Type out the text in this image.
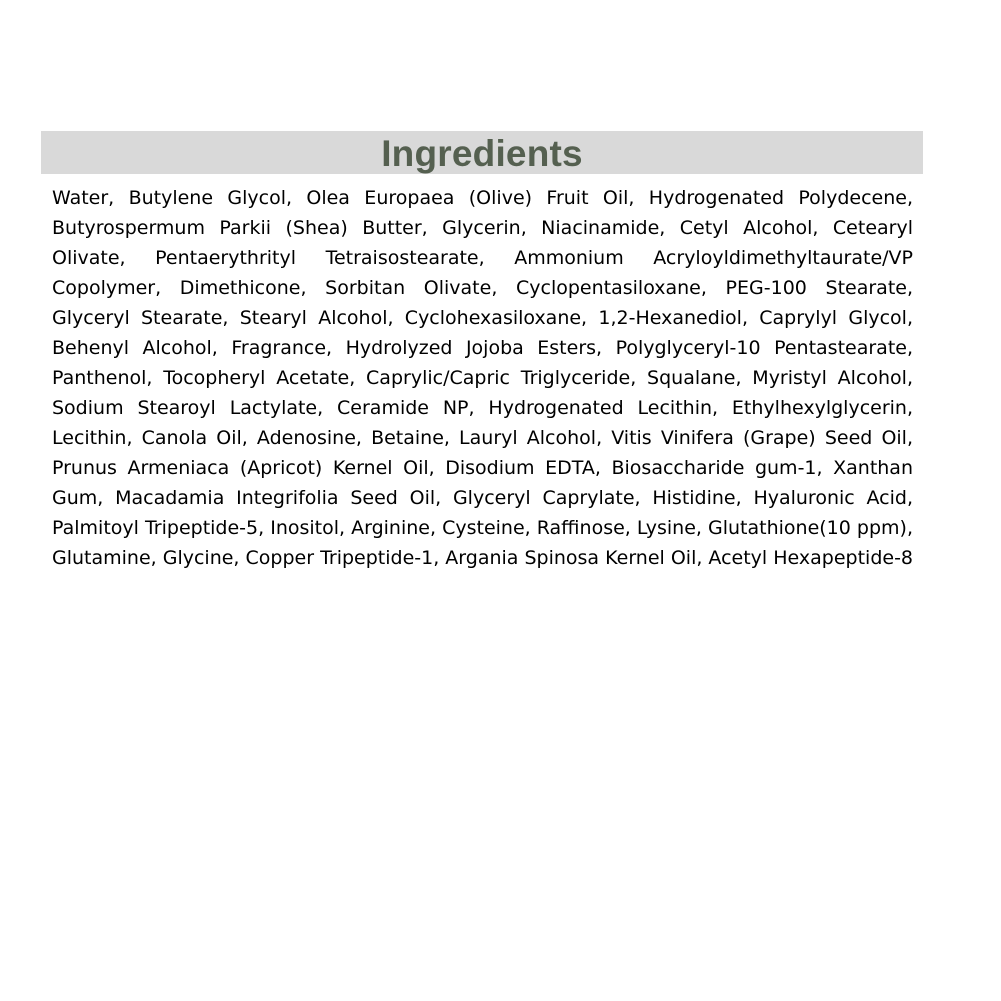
Ingredients

Water, Butylene Glycol, Olea Europaea (Olive) Fruit Oil, Hydrogenated Polydecene, Butyrospermum Parkii (Shea) Butter, Glycerin, Niacinamide, Cetyl Alcohol, Cetearyl Olivate, Pentaerythrityl Tetraisostearate, Ammonium Acryloyldimethyltaurate/VP Copolymer, Dimethicone, Sorbitan Olivate, Cyclopentasiloxane, PEG-100 Stearate, Glyceryl Stearate, Stearyl Alcohol, Cyclohexasiloxane, 1,2-Hexanediol, Caprylyl Glycol, Behenyl Alcohol, Fragrance, Hydrolyzed Jojoba Esters, Polyglyceryl-10 Pentastearate, Panthenol, Tocopheryl Acetate, Caprylic/Capric Triglyceride, Squalane, Myristyl Alcohol, Sodium Stearoyl Lactylate, Ceramide NP, Hydrogenated Lecithin, Ethylhexylglycerin, Lecithin, Canola Oil, Adenosine, Betaine, Lauryl Alcohol, Vitis Vinifera (Grape) Seed Oil, Prunus Armeniaca (Apricot) Kernel Oil, Disodium EDTA, Biosaccharide gum-1, Xanthan Gum, Macadamia Integrifolia Seed Oil, Glyceryl Caprylate, Histidine, Hyaluronic Acid, Palmitoyl Tripeptide-5, Inositol, Arginine, Cysteine, Raffinose, Lysine, Glutathione(10 ppm), Glutamine, Glycine, Copper Tripeptide-1, Argania Spinosa Kernel Oil, Acetyl Hexapeptide-8
